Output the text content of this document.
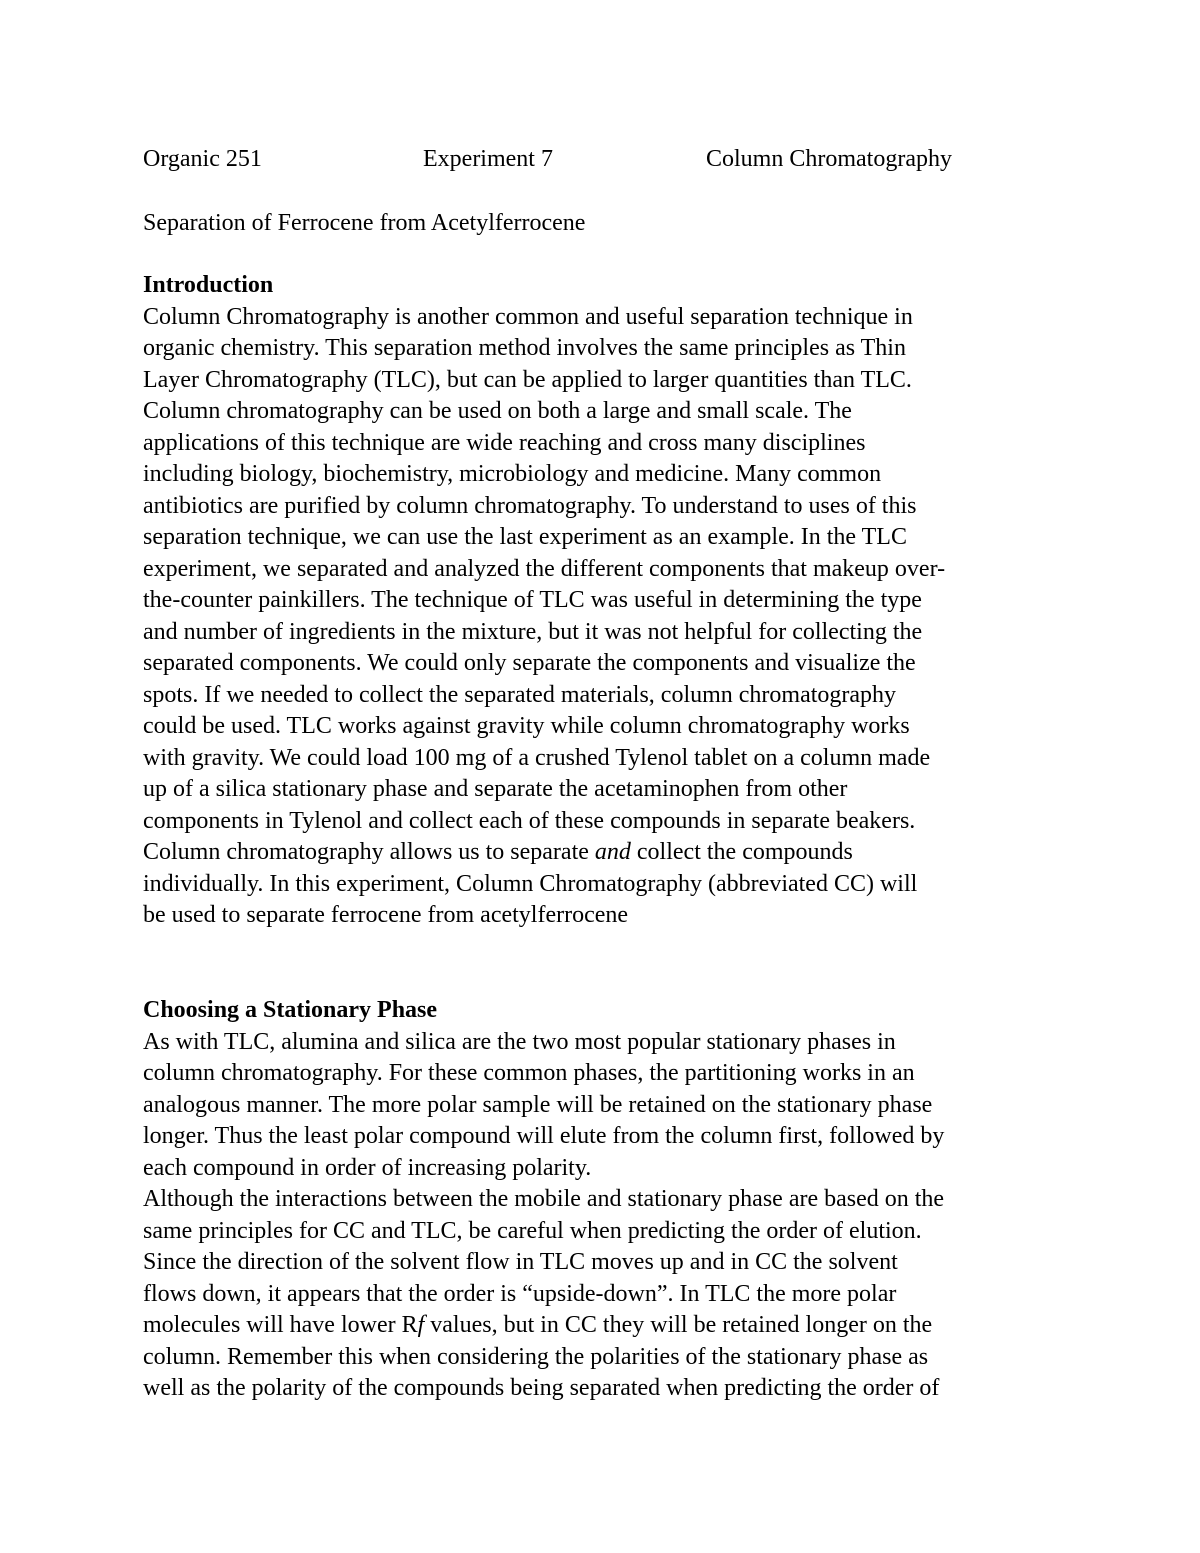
Organic 251	Experiment 7	Column Chromatography
Separation of Ferrocene from Acetylferrocene
Introduction
Column Chromatography is another common and useful separation technique in
organic chemistry. This separation method involves the same principles as Thin
Layer Chromatography (TLC), but can be applied to larger quantities than TLC.
Column chromatography can be used on both a large and small scale. The
applications of this technique are wide reaching and cross many disciplines
including biology, biochemistry, microbiology and medicine. Many common
antibiotics are purified by column chromatography. To understand to uses of this
separation technique, we can use the last experiment as an example. In the TLC
experiment, we separated and analyzed the different components that makeup over-
the-counter painkillers. The technique of TLC was useful in determining the type
and number of ingredients in the mixture, but it was not helpful for collecting the
separated components. We could only separate the components and visualize the
spots. If we needed to collect the separated materials, column chromatography
could be used. TLC works against gravity while column chromatography works
with gravity. We could load 100 mg of a crushed Tylenol tablet on a column made
up of a silica stationary phase and separate the acetaminophen from other
components in Tylenol and collect each of these compounds in separate beakers.
Column chromatography allows us to separate and collect the compounds
individually. In this experiment, Column Chromatography (abbreviated CC) will
be used to separate ferrocene from acetylferrocene
Choosing a Stationary Phase
As with TLC, alumina and silica are the two most popular stationary phases in
column chromatography. For these common phases, the partitioning works in an
analogous manner. The more polar sample will be retained on the stationary phase
longer. Thus the least polar compound will elute from the column first, followed by
each compound in order of increasing polarity.
Although the interactions between the mobile and stationary phase are based on the
same principles for CC and TLC, be careful when predicting the order of elution.
Since the direction of the solvent flow in TLC moves up and in CC the solvent
flows down, it appears that the order is “upside-down”. In TLC the more polar
molecules will have lower Rf values, but in CC they will be retained longer on the
column. Remember this when considering the polarities of the stationary phase as
well as the polarity of the compounds being separated when predicting the order of
